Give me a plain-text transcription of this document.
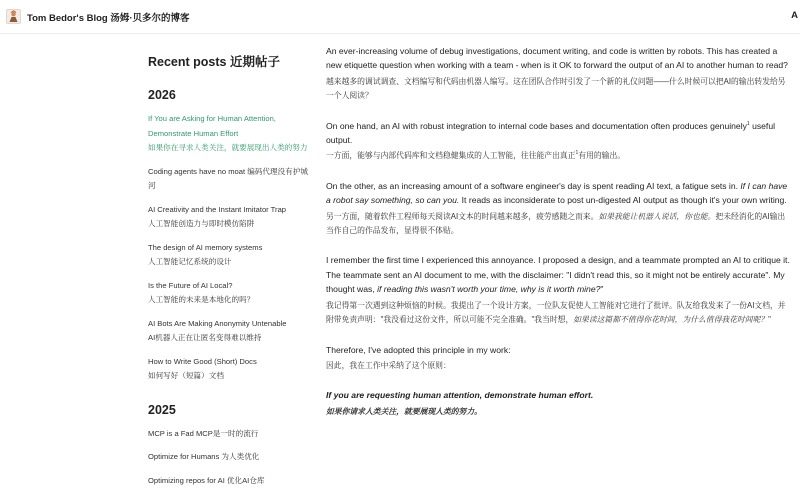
Tom Bedor's Blog 汤姆·贝多尔的博客	A
Recent posts 近期帖子
2026
If You are Asking for Human Attention, Demonstrate Human Effort
如果你在寻求人类关注，就要展现出人类的努力
Coding agents have no moat 编码代理没有护城河
AI Creativity and the Instant Imitator Trap
人工智能创造力与即时模仿陷阱
The design of AI memory systems
人工智能记忆系统的设计
Is the Future of AI Local?
人工智能的未来是本地化的吗？
AI Bots Are Making Anonymity Untenable
AI机器人正在让匿名变得难以维持
How to Write Good (Short) Docs
如何写好（短篇）文档
2025
MCP is a Fad MCP是一时的流行
Optimize for Humans 为人类优化
Optimizing repos for AI 优化AI仓库

An ever-increasing volume of debug investigations, document writing, and code is written by robots. This has created a new etiquette question when working with a team - when is it OK to forward the output of an AI to another human to read?

越来越多的调试调查、文档编写和代码由机器人编写。这在团队合作时引发了一个新的礼仪问题——什么时候可以把AI的输出转发给另一个人阅读？

On one hand, an AI with robust integration to internal code bases and documentation often produces genuinely$^1$ useful output.

一方面，能够与内部代码库和文档稳健集成的人工智能，往往能产出真正$^1$有用的输出。

On the other, as an increasing amount of a software engineer's day is spent reading AI text, a fatigue sets in. If I can have a robot say something, so can you. It reads as inconsiderate to post un-digested AI output as though it's your own writing.

另一方面，随着软件工程师每天阅读AI文本的时间越来越多，疲劳感随之而来。如果我能让机器人说话，你也能。把未经消化的AI输出当作自己的作品发布，显得很不体贴。

I remember the first time I experienced this annoyance. I proposed a design, and a teammate prompted an AI to critique it. The teammate sent an AI document to me, with the disclaimer: "I didn't read this, so it might not be entirely accurate". My thought was, if reading this wasn't worth your time, why is it worth mine?"

我记得第一次遇到这种烦恼的时候。我提出了一个设计方案，一位队友促使人工智能对它进行了批评。队友给我发来了一份AI文档，并附带免责声明："我没看过这份文件，所以可能不完全准确。"我当时想，如果读这篇都不值得你花时间，为什么值得我花时间呢？"

Therefore, I've adopted this principle in my work:

因此，我在工作中采纳了这个原则：

If you are requesting human attention, demonstrate human effort.

如果你请求人类关注，就要展现人类的努力。
